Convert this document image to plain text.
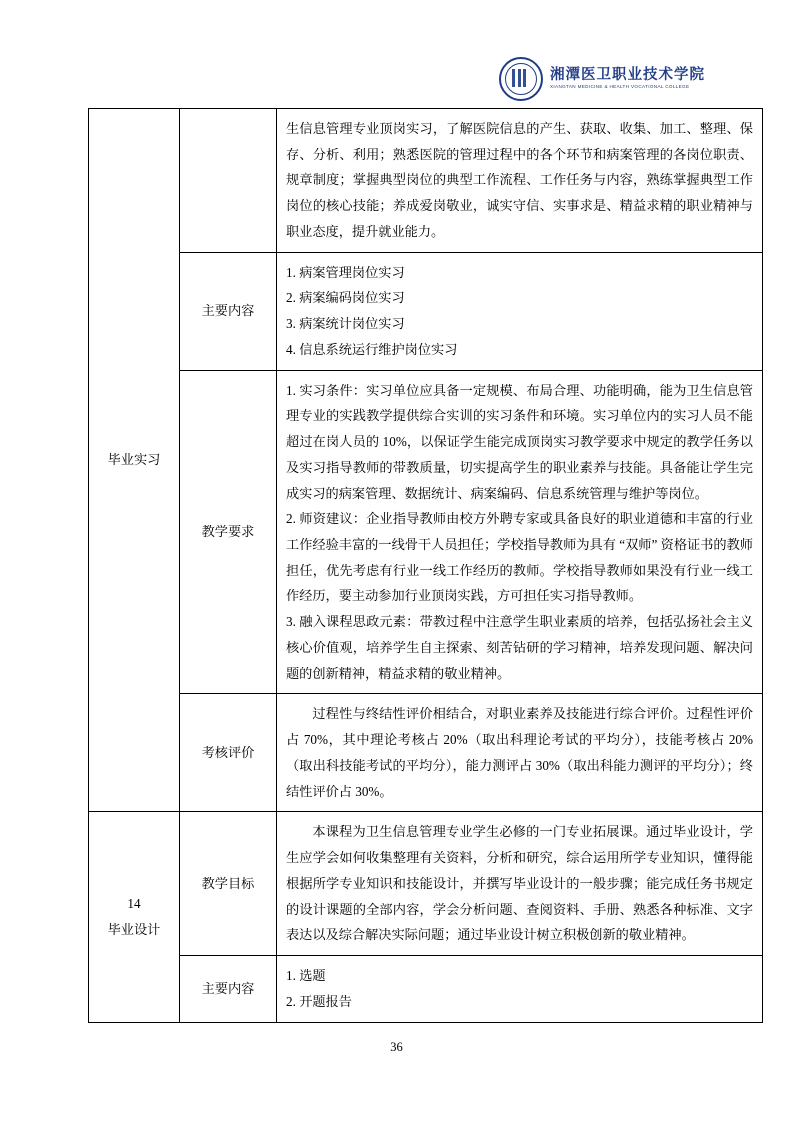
湘潭医卫职业技术学院
XIANGTAN MEDICINE & HEALTH VOCATIONAL COLLEGE
毕业实习		生信息管理专业顶岗实习，了解医院信息的产生、获取、收集、加工、整理、保存、分析、利用；熟悉医院的管理过程中的各个环节和病案管理的各岗位职责、规章制度；掌握典型岗位的典型工作流程、工作任务与内容，熟练掌握典型工作岗位的核心技能；养成爱岗敬业，诚实守信、实事求是、精益求精的职业精神与职业态度，提升就业能力。

	主要内容	1. 病案管理岗位实习

2. 病案编码岗位实习

3. 病案统计岗位实习

4. 信息系统运行维护岗位实习

	教学要求	1. 实习条件：实习单位应具备一定规模、布局合理、功能明确，能为卫生信息管理专业的实践教学提供综合实训的实习条件和环境。实习单位内的实习人员不能超过在岗人员的 10%，以保证学生能完成顶岗实习教学要求中规定的教学任务以及实习指导教师的带教质量，切实提高学生的职业素养与技能。具备能让学生完成实习的病案管理、数据统计、病案编码、信息系统管理与维护等岗位。

2. 师资建议：企业指导教师由校方外聘专家或具备良好的职业道德和丰富的行业工作经验丰富的一线骨干人员担任；学校指导教师为具有 “双师” 资格证书的教师担任，优先考虑有行业一线工作经历的教师。学校指导教师如果没有行业一线工作经历，要主动参加行业顶岗实践，方可担任实习指导教师。

3. 融入课程思政元素：带教过程中注意学生职业素质的培养，包括弘扬社会主义核心价值观，培养学生自主探索、刻苦钻研的学习精神，培养发现问题、解决问题的创新精神，精益求精的敬业精神。

	考核评价	过程性与终结性评价相结合，对职业素养及技能进行综合评价。过程性评价占 70%，其中理论考核占 20%（取出科理论考试的平均分），技能考核占 20%（取出科技能考试的平均分），能力测评占 30%（取出科能力测评的平均分）；终结性评价占 30%。

14
毕业设计	教学目标	本课程为卫生信息管理专业学生必修的一门专业拓展课。通过毕业设计，学生应学会如何收集整理有关资料，分析和研究，综合运用所学专业知识，懂得能根据所学专业知识和技能设计，并撰写毕业设计的一般步骤；能完成任务书规定的设计课题的全部内容，学会分析问题、查阅资料、手册、熟悉各种标准、文字表达以及综合解决实际问题；通过毕业设计树立积极创新的敬业精神。

	主要内容	1. 选题

2. 开题报告

36
